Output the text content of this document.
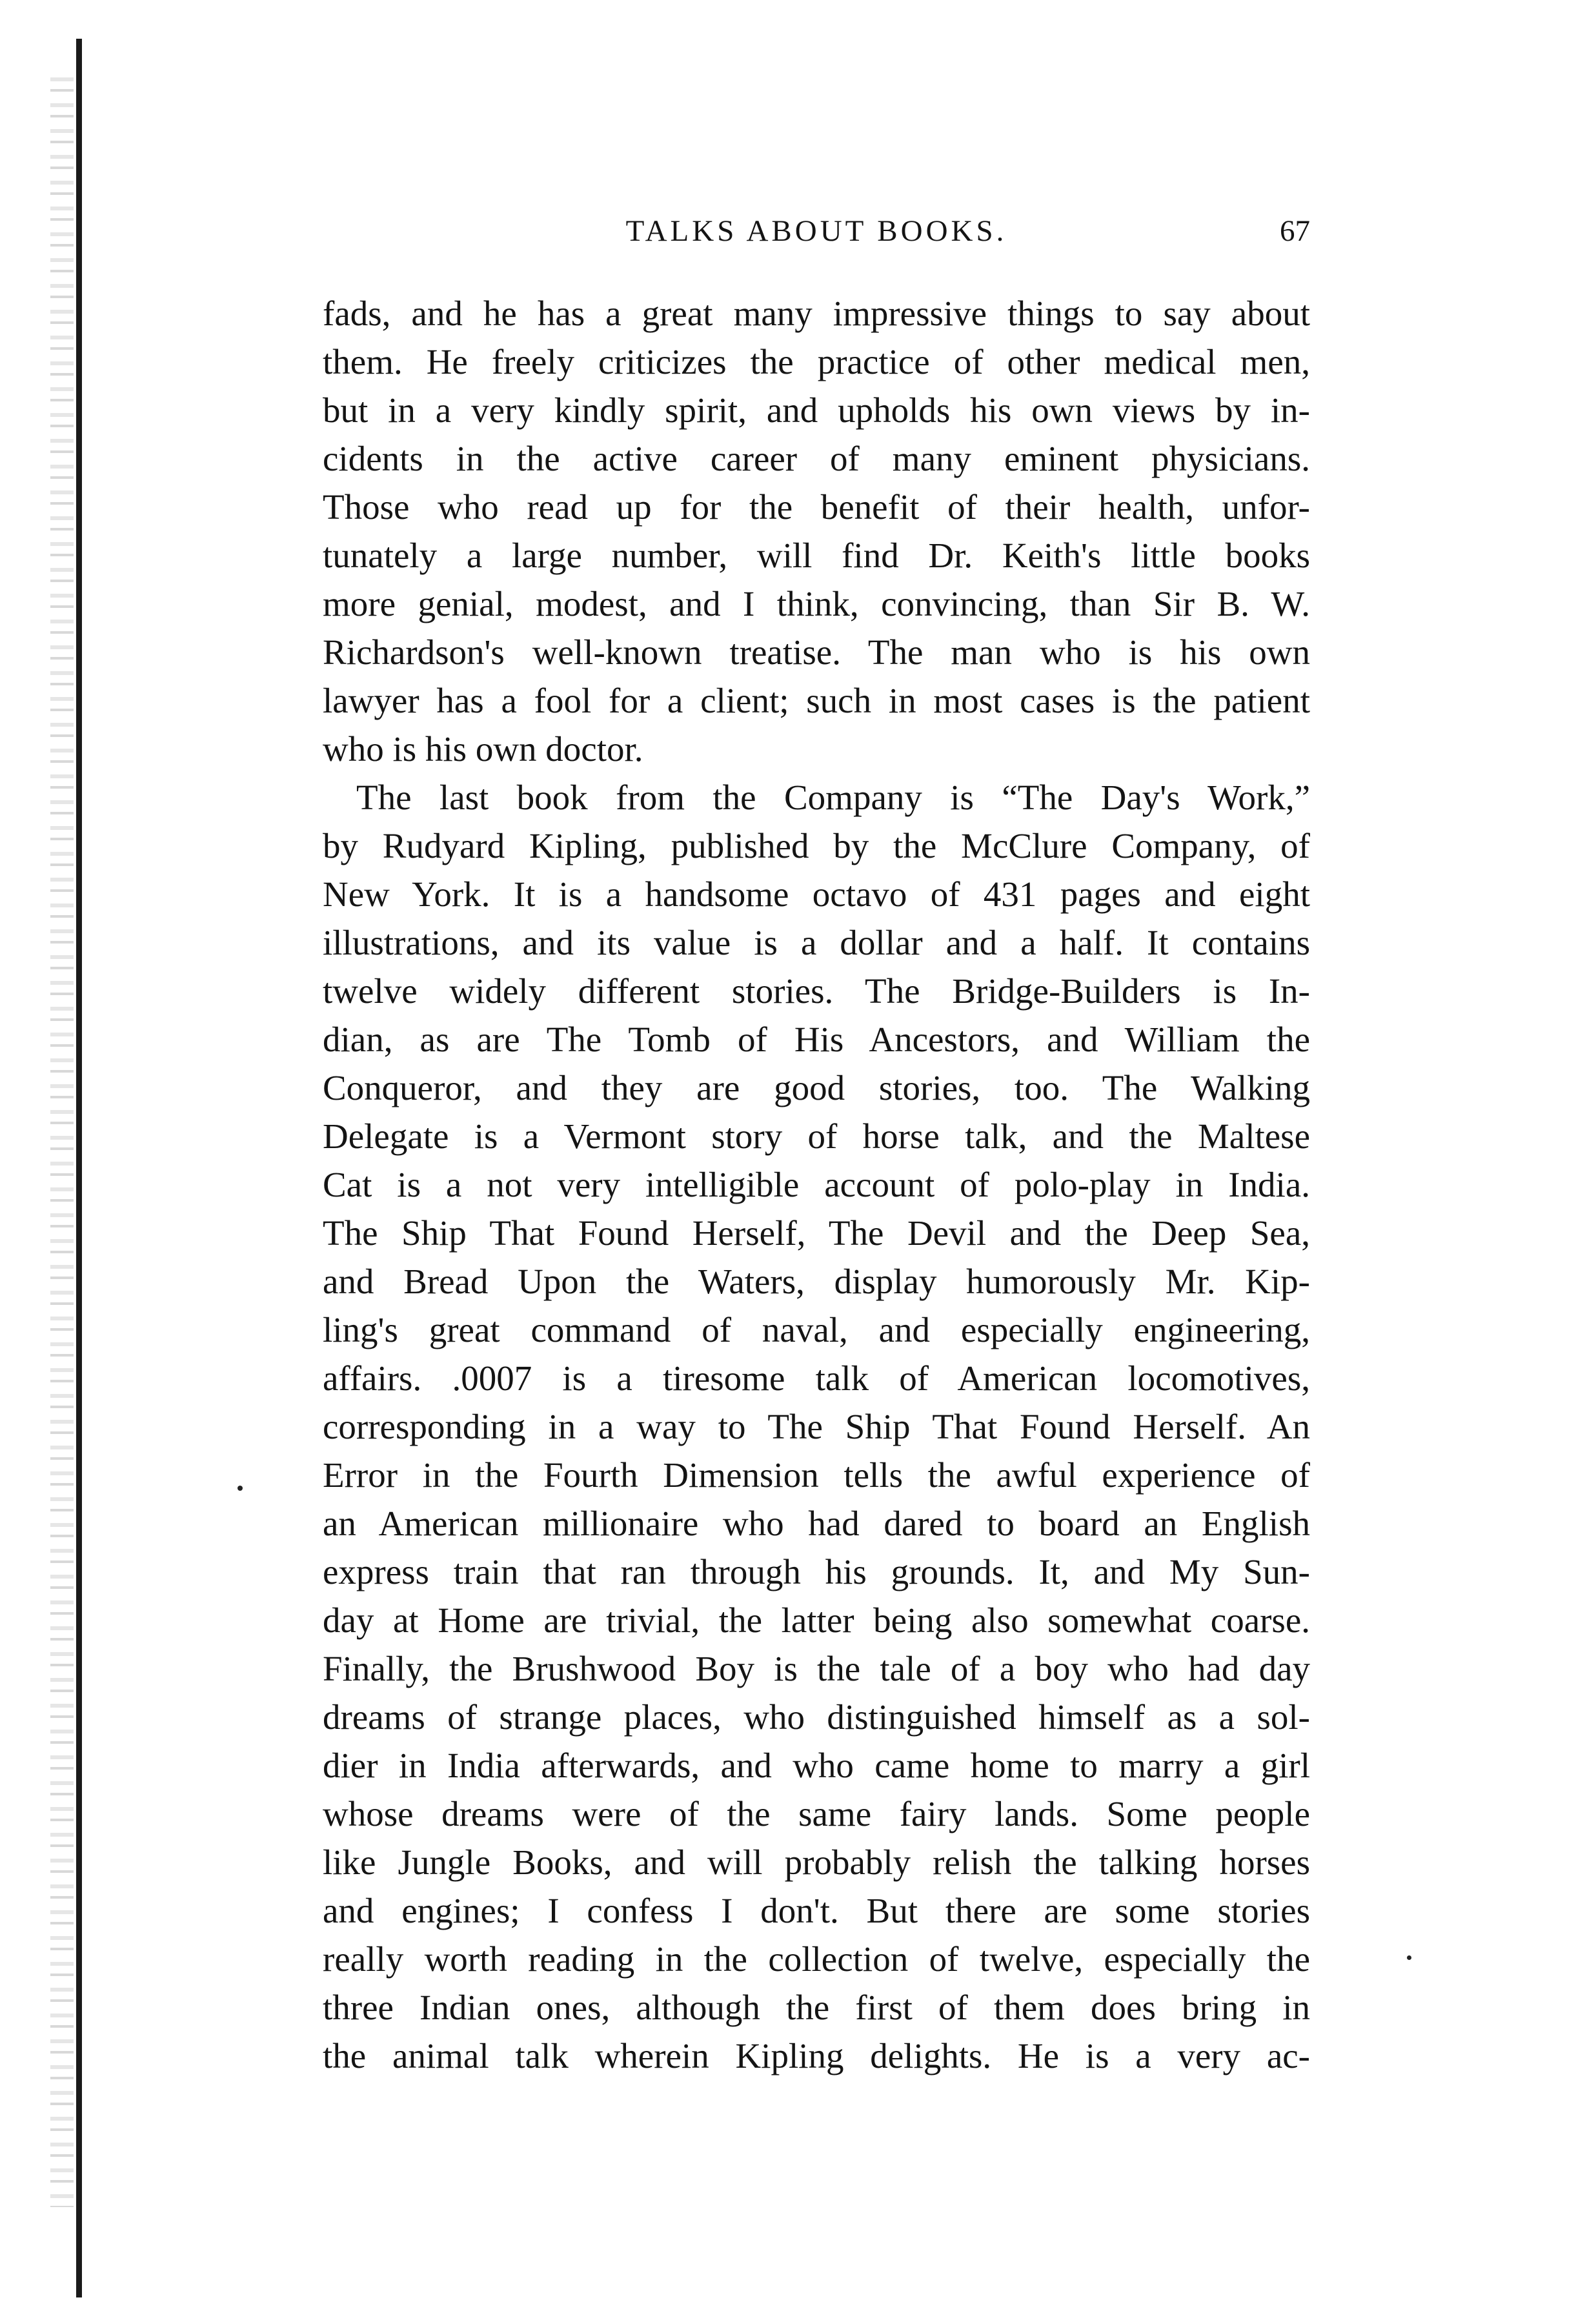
TALKS ABOUT BOOKS.	67
fads, and he has a great many impressive things to say about
them. He freely criticizes the practice of other medical men,
but in a very kindly spirit, and upholds his own views by in-
cidents in the active career of many eminent physicians.
Those who read up for the benefit of their health, unfor-
tunately a large number, will find Dr. Keith's little books
more genial, modest, and I think, convincing, than Sir B. W.
Richardson's well-known treatise. The man who is his own
lawyer has a fool for a client; such in most cases is the patient
who is his own doctor.
The last book from the Company is “The Day's Work,”
by Rudyard Kipling, published by the McClure Company, of
New York. It is a handsome octavo of 431 pages and eight
illustrations, and its value is a dollar and a half. It contains
twelve widely different stories. The Bridge-Builders is In-
dian, as are The Tomb of His Ancestors, and William the
Conqueror, and they are good stories, too. The Walking
Delegate is a Vermont story of horse talk, and the Maltese
Cat is a not very intelligible account of polo-play in India.
The Ship That Found Herself, The Devil and the Deep Sea,
and Bread Upon the Waters, display humorously Mr. Kip-
ling's great command of naval, and especially engineering,
affairs. .0007 is a tiresome talk of American locomotives,
corresponding in a way to The Ship That Found Herself. An
Error in the Fourth Dimension tells the awful experience of
an American millionaire who had dared to board an English
express train that ran through his grounds. It, and My Sun-
day at Home are trivial, the latter being also somewhat coarse.
Finally, the Brushwood Boy is the tale of a boy who had day
dreams of strange places, who distinguished himself as a sol-
dier in India afterwards, and who came home to marry a girl
whose dreams were of the same fairy lands. Some people
like Jungle Books, and will probably relish the talking horses
and engines; I confess I don't. But there are some stories
really worth reading in the collection of twelve, especially the
three Indian ones, although the first of them does bring in
the animal talk wherein Kipling delights. He is a very ac-
